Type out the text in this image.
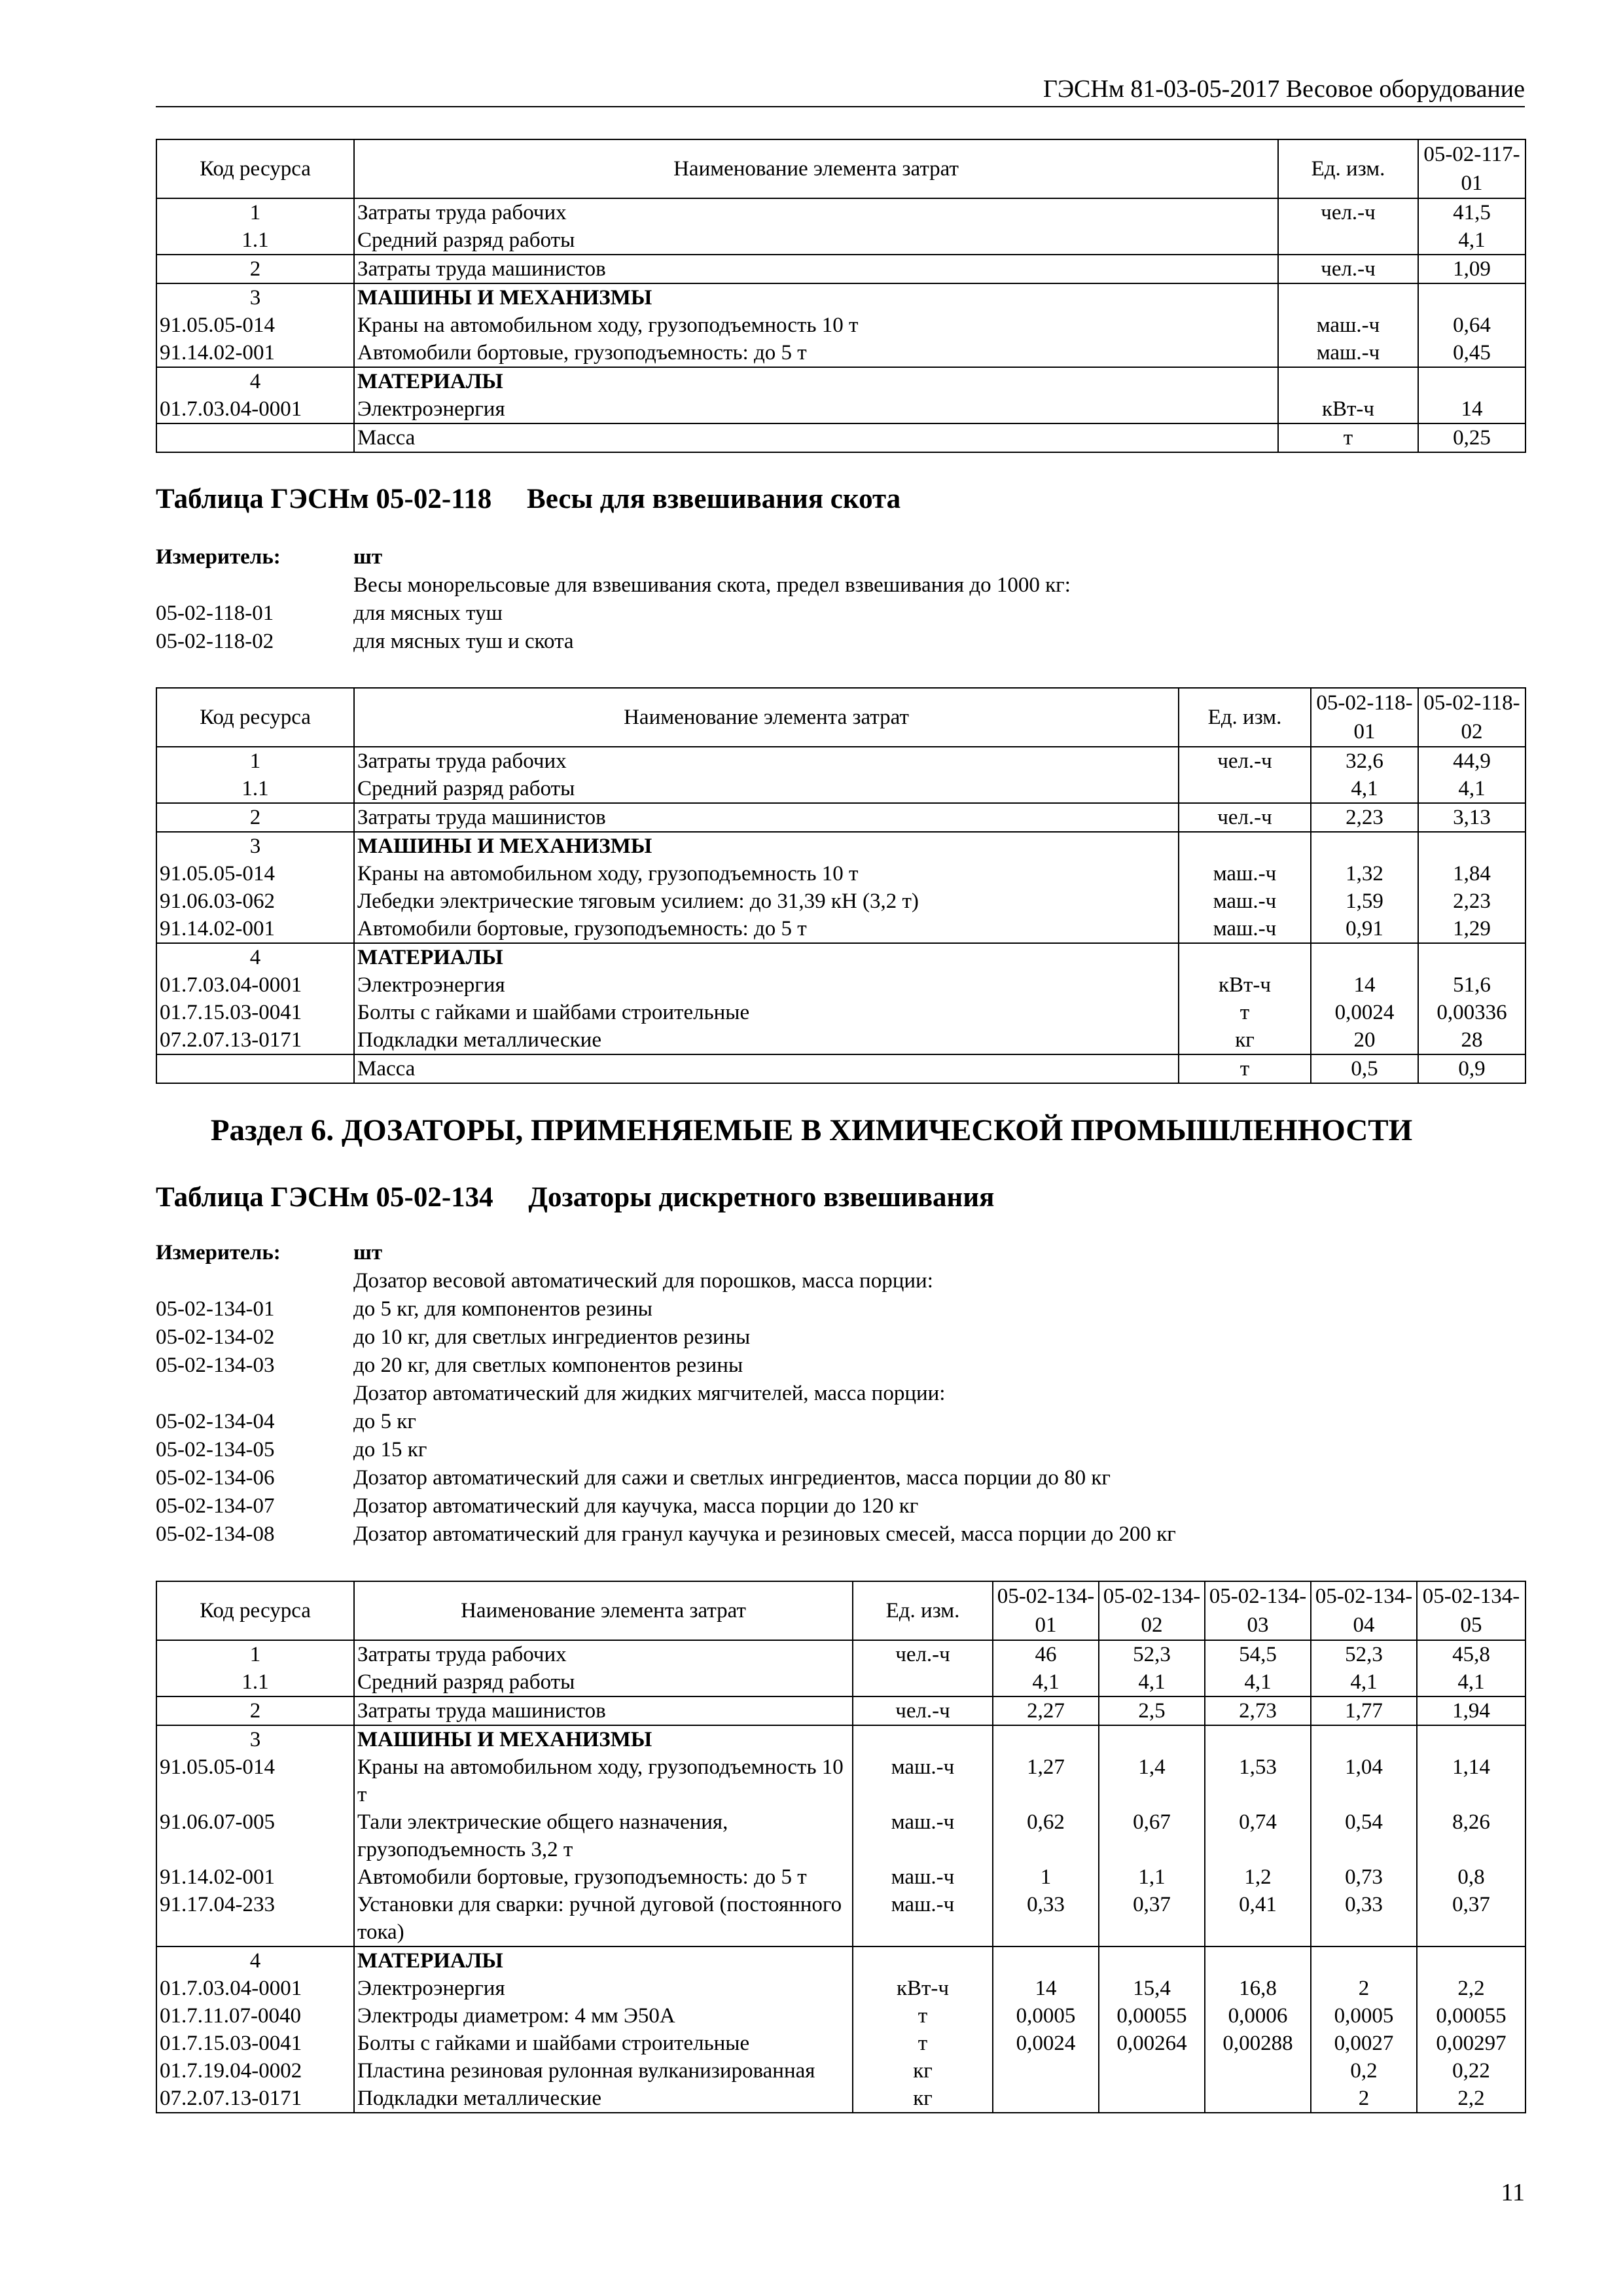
ГЭСНм 81-03-05-2017 Весовое оборудование
Код ресурса	Наименование элемента затрат	Ед. изм.	05-02-117-01
1	Затраты труда рабочих	чел.-ч	41,5
1.1	Средний разряд работы		4,1
2	Затраты труда машинистов	чел.-ч	1,09
3	МАШИНЫ И МЕХАНИЗМЫ		
91.05.05-014	Краны на автомобильном ходу, грузоподъемность 10 т	маш.-ч	0,64
91.14.02-001	Автомобили бортовые, грузоподъемность: до 5 т	маш.-ч	0,45
4	МАТЕРИАЛЫ		
01.7.03.04-0001	Электроэнергия	кВт-ч	14
	Масса	т	0,25
Таблица ГЭСНм 05-02-118     Весы для взвешивания скота
Измеритель:	шт
Весы монорельсовые для взвешивания скота, предел взвешивания до 1000 кг:
05-02-118-01	для мясных туш
05-02-118-02	для мясных туш и скота
Код ресурса	Наименование элемента затрат	Ед. изм.	05-02-118-01	05-02-118-02
1	Затраты труда рабочих	чел.-ч	32,6	44,9
1.1	Средний разряд работы		4,1	4,1
2	Затраты труда машинистов	чел.-ч	2,23	3,13
3	МАШИНЫ И МЕХАНИЗМЫ			
91.05.05-014	Краны на автомобильном ходу, грузоподъемность 10 т	маш.-ч	1,32	1,84
91.06.03-062	Лебедки электрические тяговым усилием: до 31,39 кН (3,2 т)	маш.-ч	1,59	2,23
91.14.02-001	Автомобили бортовые, грузоподъемность: до 5 т	маш.-ч	0,91	1,29
4	МАТЕРИАЛЫ			
01.7.03.04-0001	Электроэнергия	кВт-ч	14	51,6
01.7.15.03-0041	Болты с гайками и шайбами строительные	т	0,0024	0,00336
07.2.07.13-0171	Подкладки металлические	кг	20	28
	Масса	т	0,5	0,9
Раздел 6. ДОЗАТОРЫ, ПРИМЕНЯЕМЫЕ В ХИМИЧЕСКОЙ ПРОМЫШЛЕННОСТИ
Таблица ГЭСНм 05-02-134     Дозаторы дискретного взвешивания
Измеритель:	шт
Дозатор весовой автоматический для порошков, масса порции:
05-02-134-01	до 5 кг, для компонентов резины
05-02-134-02	до 10 кг, для светлых ингредиентов резины
05-02-134-03	до 20 кг, для светлых компонентов резины
Дозатор автоматический для жидких мягчителей, масса порции:
05-02-134-04	до 5 кг
05-02-134-05	до 15 кг
05-02-134-06	Дозатор автоматический для сажи и светлых ингредиентов, масса порции до 80 кг
05-02-134-07	Дозатор автоматический для каучука, масса порции до 120 кг
05-02-134-08	Дозатор автоматический для гранул каучука и резиновых смесей, масса порции до 200 кг
Код ресурса	Наименование элемента затрат	Ед. изм.	05-02-134-01	05-02-134-02	05-02-134-03	05-02-134-04	05-02-134-05
1	Затраты труда рабочих	чел.-ч	46	52,3	54,5	52,3	45,8
1.1	Средний разряд работы		4,1	4,1	4,1	4,1	4,1
2	Затраты труда машинистов	чел.-ч	2,27	2,5	2,73	1,77	1,94
3	МАШИНЫ И МЕХАНИЗМЫ						
91.05.05-014	Краны на автомобильном ходу, грузоподъемность 10 т	маш.-ч	1,27	1,4	1,53	1,04	1,14
91.06.07-005	Тали электрические общего назначения, грузоподъемность 3,2 т	маш.-ч	0,62	0,67	0,74	0,54	8,26
91.14.02-001	Автомобили бортовые, грузоподъемность: до 5 т	маш.-ч	1	1,1	1,2	0,73	0,8
91.17.04-233	Установки для сварки: ручной дуговой (постоянного тока)	маш.-ч	0,33	0,37	0,41	0,33	0,37
4	МАТЕРИАЛЫ						
01.7.03.04-0001	Электроэнергия	кВт-ч	14	15,4	16,8	2	2,2
01.7.11.07-0040	Электроды диаметром: 4 мм Э50А	т	0,0005	0,00055	0,0006	0,0005	0,00055
01.7.15.03-0041	Болты с гайками и шайбами строительные	т	0,0024	0,00264	0,00288	0,0027	0,00297
01.7.19.04-0002	Пластина резиновая рулонная вулканизированная	кг				0,2	0,22
07.2.07.13-0171	Подкладки металлические	кг				2	2,2
11
